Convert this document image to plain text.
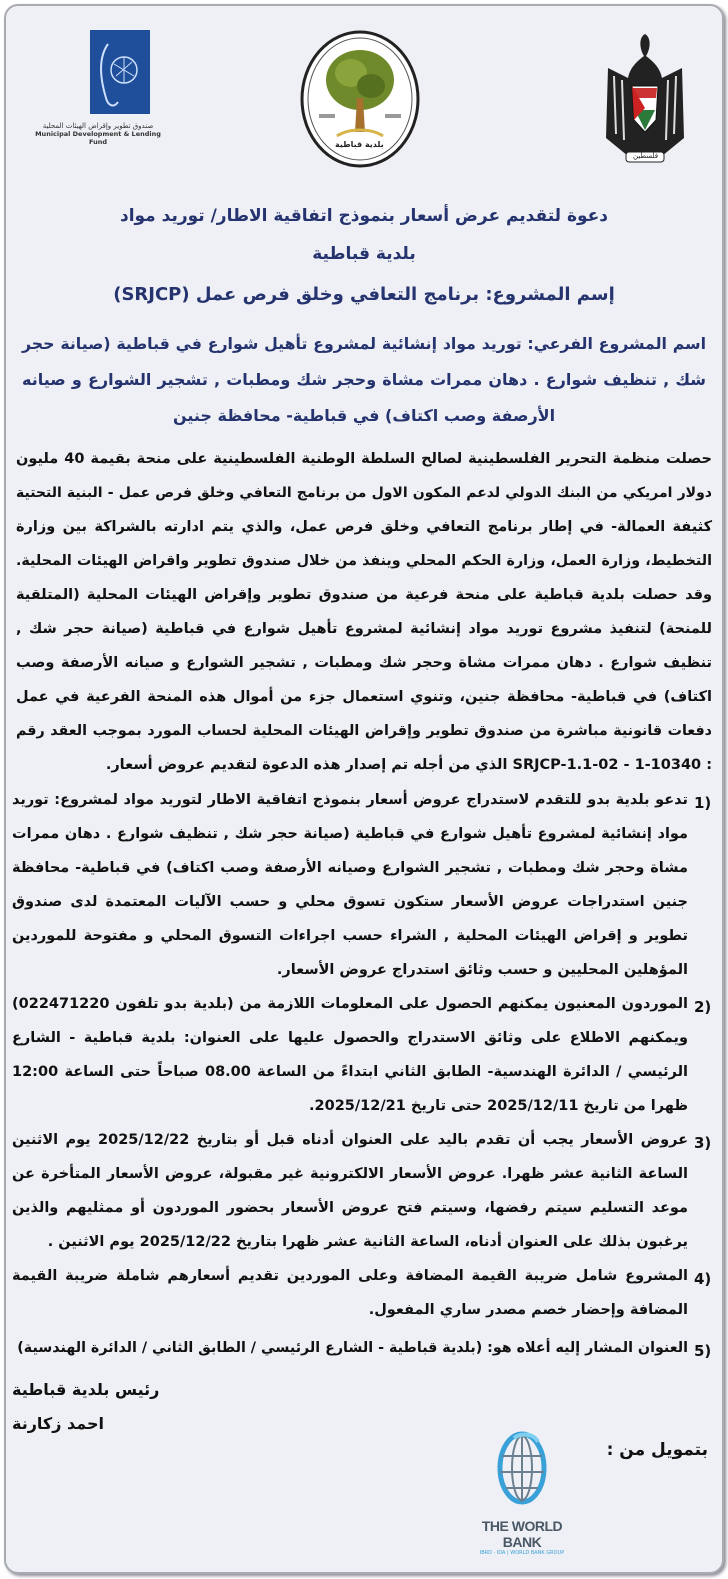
صندوق تطوير وإقراض الهيئات المحلية
Municipal Development & Lending Fund	بلدية قباطية
فلسطين
دعوة لتقديم عرض أسعار بنموذج اتفاقية الاطار/ توريد مواد
بلدية قباطية
إسم المشروع: برنامج التعافي وخلق فرص عمل (SRJCP)
اسم المشروع الفرعي: توريد مواد إنشائية لمشروع تأهيل شوارع في قباطية (صيانة حجر
شك , تنظيف شوارع . دهان ممرات مشاة وحجر شك ومطبات , تشجير الشوارع و صيانه
الأرصفة وصب اكتاف) في قباطية- محافظة جنين
حصلت منظمة التحرير الفلسطينية لصالح السلطة الوطنية الفلسطينية على منحة بقيمة 40 مليون
دولار امريكي من البنك الدولي لدعم المكون الاول من برنامج التعافي وخلق فرص عمل - البنية التحتية
كثيفة العمالة- في إطار برنامج التعافي وخلق فرص عمل، والذي يتم ادارته بالشراكة بين وزارة
التخطيط، وزارة العمل، وزارة الحكم المحلي وينفذ من خلال صندوق تطوير واقراض الهيئات المحلية.
وقد حصلت بلدية قباطية على منحة فرعية من صندوق تطوير وإقراض الهيئات المحلية (المتلقية
للمنحة) لتنفيذ مشروع توريد مواد إنشائية لمشروع تأهيل شوارع في قباطية (صيانة حجر شك ,
تنظيف شوارع . دهان ممرات مشاة وحجر شك ومطبات , تشجير الشوارع و صيانه الأرصفة وصب
اكتاف) في قباطية- محافظة جنين، وتنوي استعمال جزء من أموال هذه المنحة الفرعية في عمل
دفعات قانونية مباشرة من صندوق تطوير وإقراض الهيئات المحلية لحساب المورد بموجب العقد رقم
: 1-10340 - SRJCP-1.1-02 الذي من أجله تم إصدار هذه الدعوة لتقديم عروض أسعار.
1)
تدعو بلدية بدو للتقدم لاستدراج عروض أسعار بنموذج اتفاقية الاطار لتوريد مواد لمشروع: توريد
مواد إنشائية لمشروع تأهيل شوارع في قباطية (صيانة حجر شك , تنظيف شوارع . دهان ممرات
مشاة وحجر شك ومطبات , تشجير الشوارع وصيانه الأرصفة وصب اكتاف) في قباطية- محافظة
جنين استدراجات عروض الأسعار ستكون تسوق محلي و حسب الآليات المعتمدة لدى صندوق
تطوير و إقراض الهيئات المحلية , الشراء حسب اجراءات التسوق المحلي و مفتوحة للموردين
المؤهلين المحليين و حسب وثائق استدراج عروض الأسعار.
2)
الموردون المعنيون يمكنهم الحصول على المعلومات اللازمة من (بلدية بدو تلفون 022471220)
ويمكنهم الاطلاع على وثائق الاستدراج والحصول عليها على العنوان: بلدية قباطية - الشارع
الرئيسي / الدائرة الهندسية- الطابق الثاني ابتداءً من الساعة 08.00 صباحاً حتى الساعة 12:00
ظهرا من تاريخ 2025/12/11 حتى تاريخ 2025/12/21.
3)
عروض الأسعار يجب أن تقدم باليد على العنوان أدناه قبل أو بتاريخ 2025/12/22 يوم الاثنين
الساعة الثانية عشر ظهرا. عروض الأسعار الالكترونية غير مقبولة، عروض الأسعار المتأخرة عن
موعد التسليم سيتم رفضها، وسيتم فتح عروض الأسعار بحضور الموردون أو ممثليهم والذين
يرغبون بذلك على العنوان أدناه، الساعة الثانية عشر ظهرا بتاريخ 2025/12/22 يوم الاثنين .
4)
المشروع شامل ضريبة القيمة المضافة وعلى الموردين تقديم أسعارهم شاملة ضريبة القيمة
المضافة وإحضار خصم مصدر ساري المفعول.
5)
العنوان المشار إليه أعلاه هو: (بلدية قباطية - الشارع الرئيسي / الطابق الثاني / الدائرة الهندسية)
رئيس بلدية قباطية
احمد زكارنة
بتمويل من :
THE WORLD BANK
IBRD · IDA | WORLD BANK GROUP
